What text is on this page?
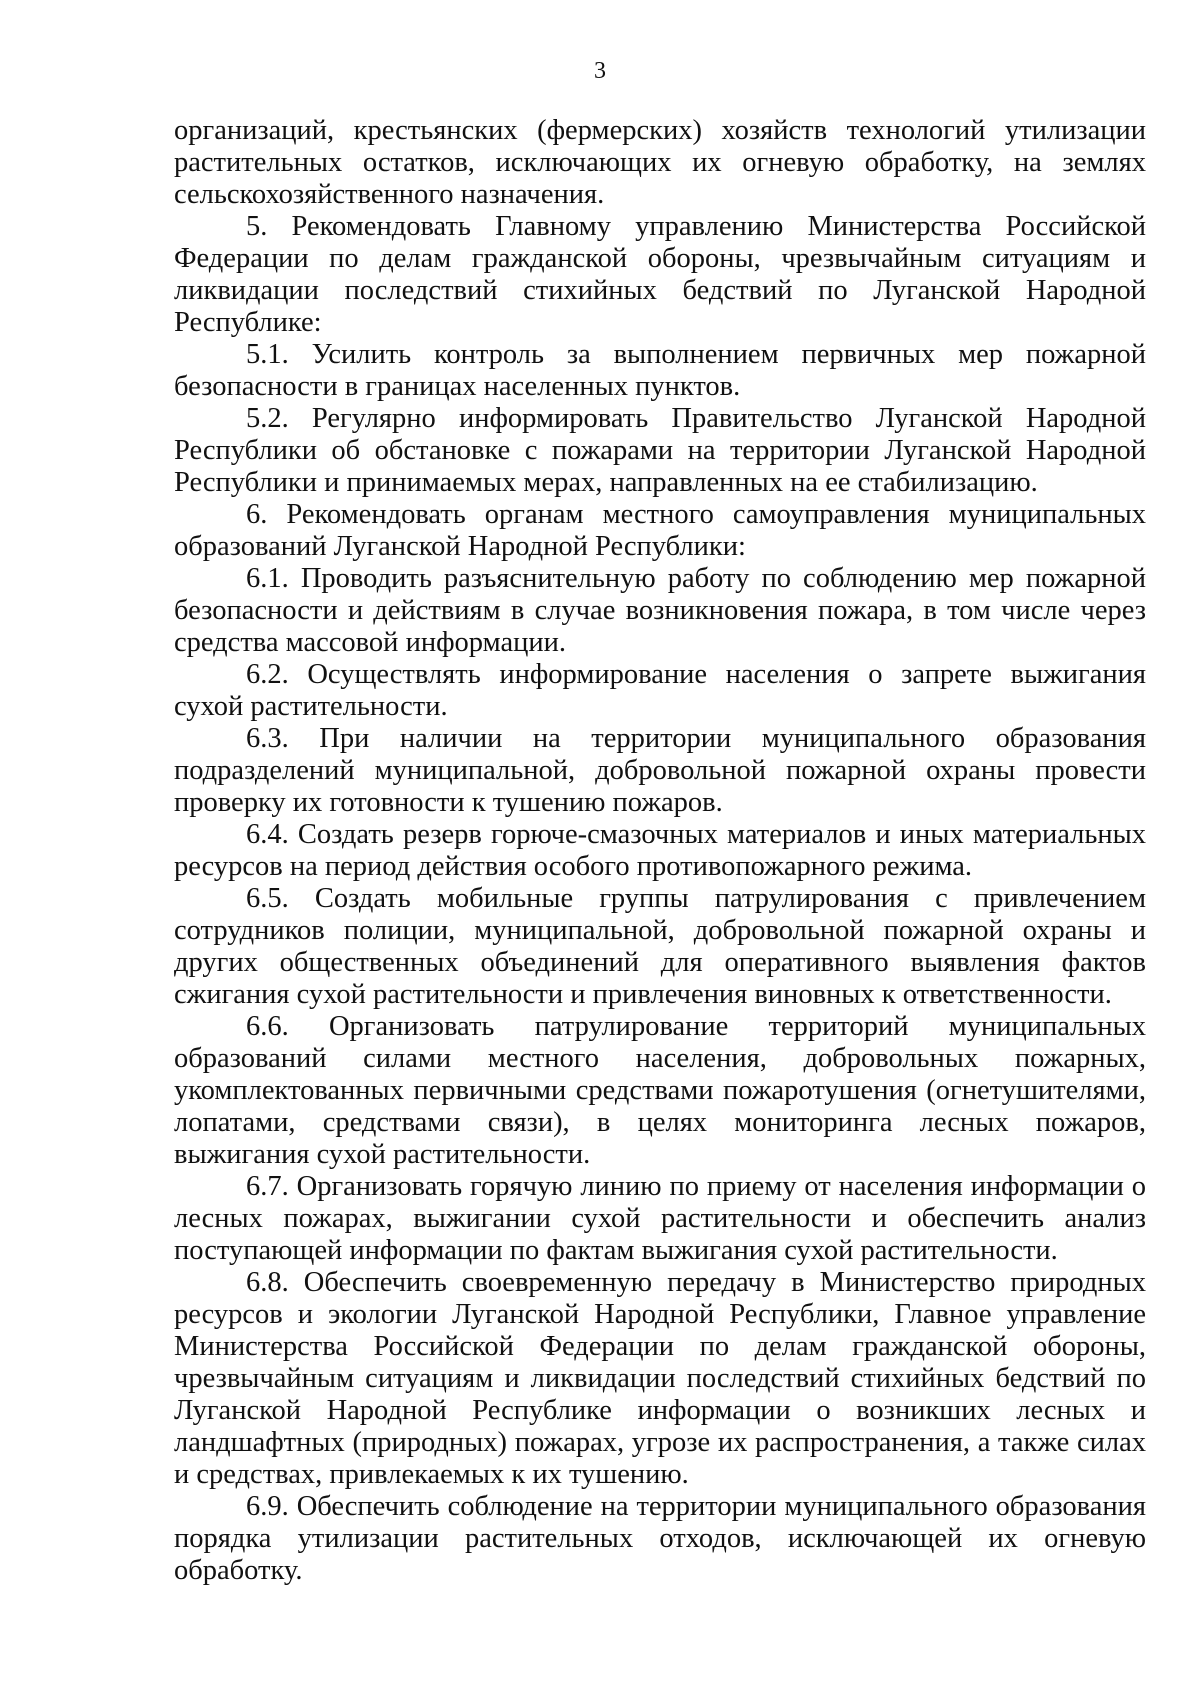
3

организаций, крестьянских (фермерских) хозяйств технологий утилизации растительных остатков, исключающих их огневую обработку, на землях сельскохозяйственного назначения.

5. Рекомендовать Главному управлению Министерства Российской Федерации по делам гражданской обороны, чрезвычайным ситуациям и ликвидации последствий стихийных бедствий по Луганской Народной Республике:

5.1. Усилить контроль за выполнением первичных мер пожарной безопасности в границах населенных пунктов.

5.2. Регулярно информировать Правительство Луганской Народной Республики об обстановке с пожарами на территории Луганской Народной Республики и принимаемых мерах, направленных на ее стабилизацию.

6. Рекомендовать органам местного самоуправления муниципальных образований Луганской Народной Республики:

6.1. Проводить разъяснительную работу по соблюдению мер пожарной безопасности и действиям в случае возникновения пожара, в том числе через средства массовой информации.

6.2. Осуществлять информирование населения о запрете выжигания сухой растительности.

6.3. При наличии на территории муниципального образования подразделений муниципальной, добровольной пожарной охраны провести проверку их готовности к тушению пожаров.

6.4. Создать резерв горюче-смазочных материалов и иных материальных ресурсов на период действия особого противопожарного режима.

6.5. Создать мобильные группы патрулирования с привлечением сотрудников полиции, муниципальной, добровольной пожарной охраны и других общественных объединений для оперативного выявления фактов сжигания сухой растительности и привлечения виновных к ответственности.

6.6. Организовать патрулирование территорий муниципальных образований силами местного населения, добровольных пожарных, укомплектованных первичными средствами пожаротушения (огнетушителями, лопатами, средствами связи), в целях мониторинга лесных пожаров, выжигания сухой растительности.

6.7. Организовать горячую линию по приему от населения информации о лесных пожарах, выжигании сухой растительности и обеспечить анализ поступающей информации по фактам выжигания сухой растительности.

6.8. Обеспечить своевременную передачу в Министерство природных ресурсов и экологии Луганской Народной Республики, Главное управление Министерства Российской Федерации по делам гражданской обороны, чрезвычайным ситуациям и ликвидации последствий стихийных бедствий по Луганской Народной Республике информации о возникших лесных и ландшафтных (природных) пожарах, угрозе их распространения, а также силах и средствах, привлекаемых к их тушению.

6.9. Обеспечить соблюдение на территории муниципального образования порядка утилизации растительных отходов, исключающей их огневую обработку.
